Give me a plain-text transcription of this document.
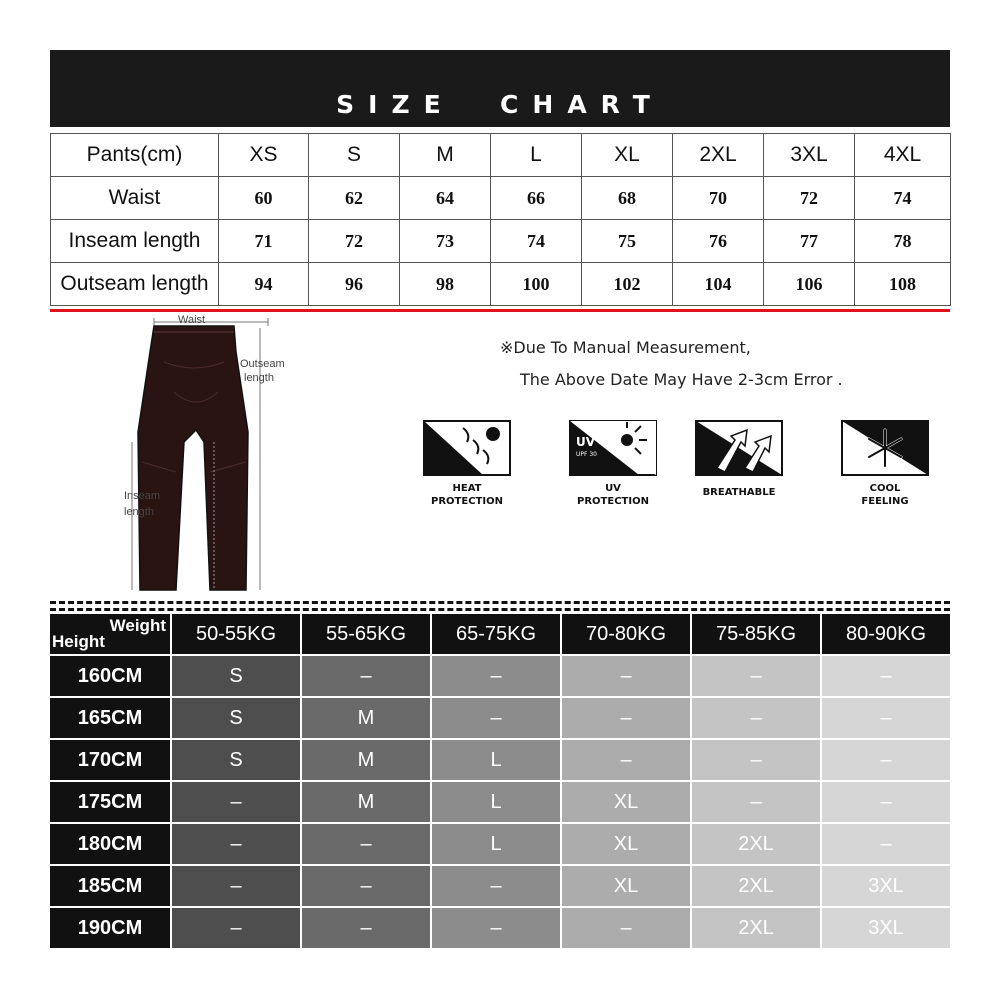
SIZE  CHART
Pants(cm)	XS	S	M	L	XL	2XL	3XL	4XL
Waist	60	62	64	66	68	70	72	74
Inseam length	71	72	73	74	75	76	77	78
Outseam length	94	96	98	100	102	104	106	108
Waist
Outseam
length
Inseam
length
※Due To Manual Measurement,
The Above Date May Have 2-3cm Error .
HEAT
PROTECTION
UV
UPF 30
UV
PROTECTION
BREATHABLE	COOL
FEELING
Weight
Height	50-55KG	55-65KG	65-75KG	70-80KG	75-85KG	80-90KG
160CM	S	–	–	–	–	–
165CM	S	M	–	–	–	–
170CM	S	M	L	–	–	–
175CM	–	M	L	XL	–	–
180CM	–	–	L	XL	2XL	–
185CM	–	–	–	XL	2XL	3XL
190CM	–	–	–	–	2XL	3XL
